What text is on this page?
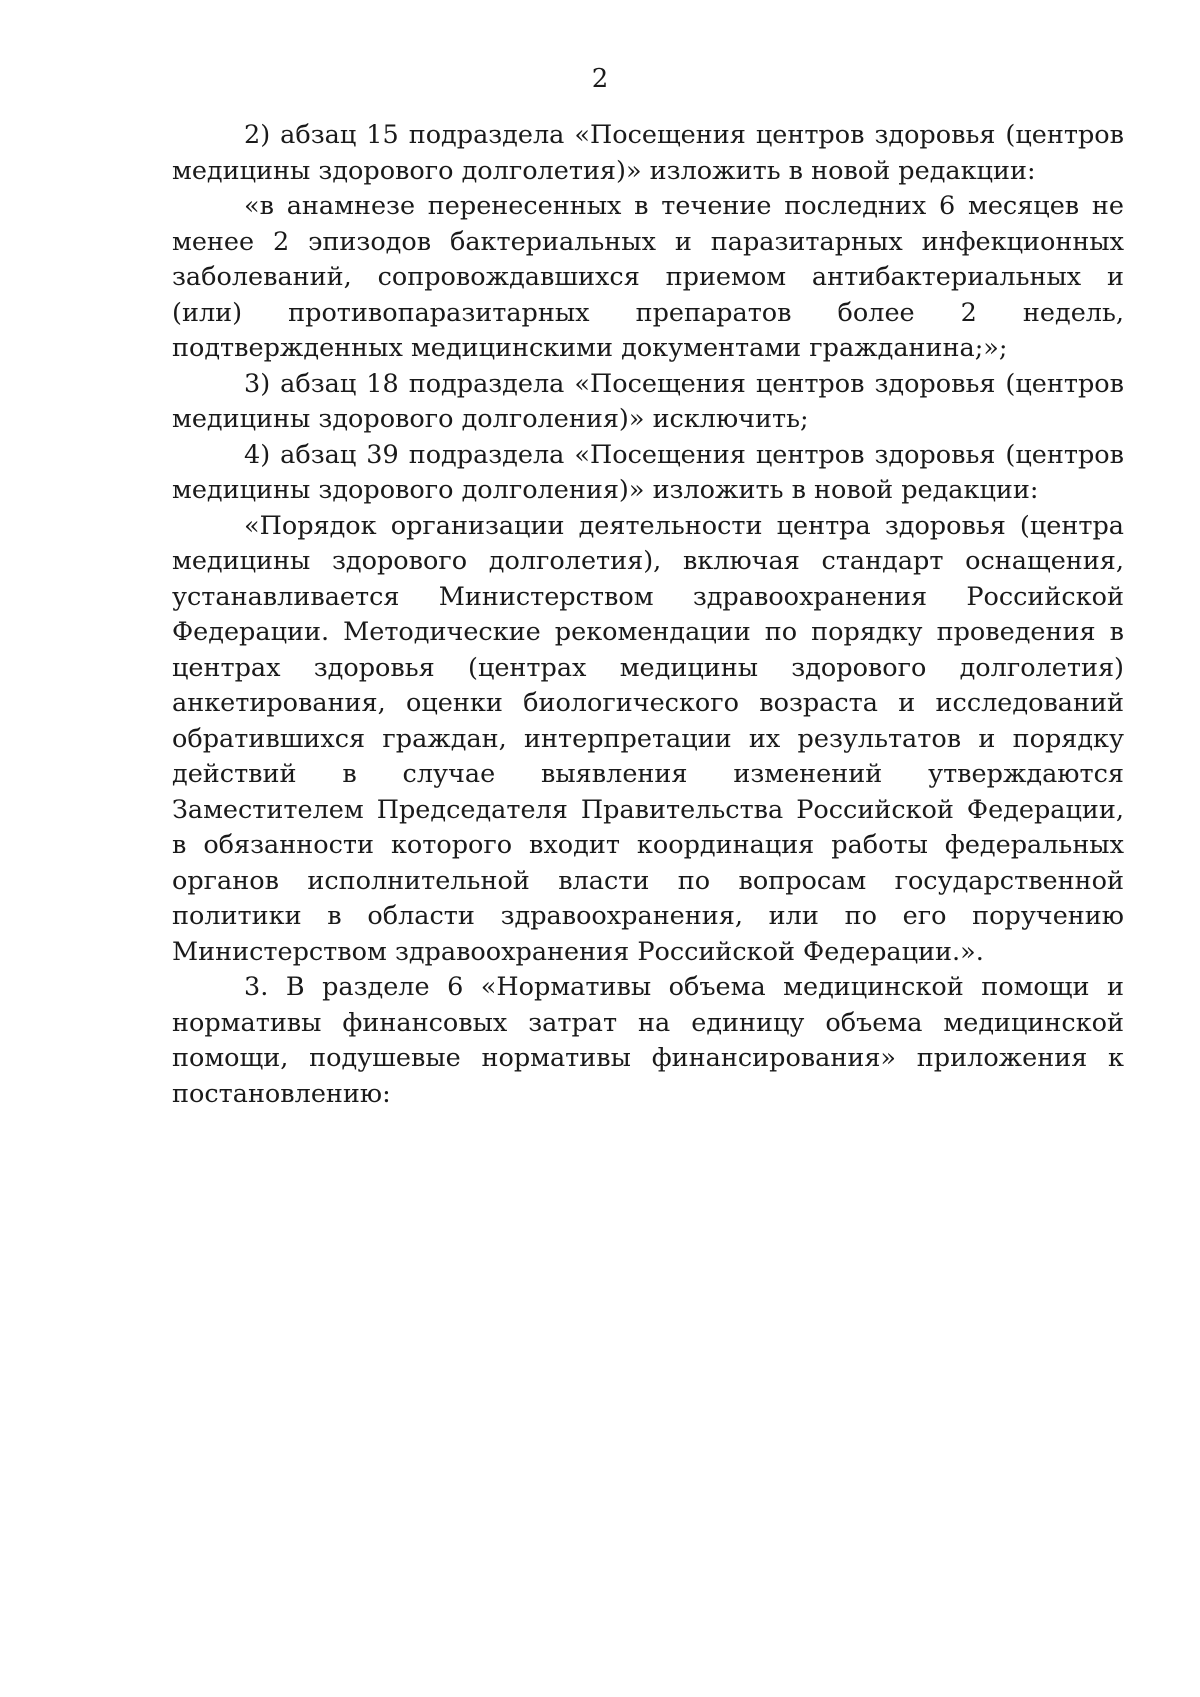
2

2) абзац 15 подраздела «Посещения центров здоровья (центров медицины здорового долголетия)» изложить в новой редакции:

«в анамнезе перенесенных в течение последних 6 месяцев не менее 2 эпизодов бактериальных и паразитарных инфекционных заболеваний, сопровождавшихся приемом антибактериальных и (или) противопаразитарных препаратов более 2 недель, подтвержденных медицинскими документами гражданина;»;

3) абзац 18 подраздела «Посещения центров здоровья (центров медицины здорового долголения)» исключить;

4) абзац 39 подраздела «Посещения центров здоровья (центров медицины здорового долголения)» изложить в новой редакции:

«Порядок организации деятельности центра здоровья (центра медицины здорового долголетия), включая стандарт оснащения, устанавливается Министерством здравоохранения Российской Федерации. Методические рекомендации по порядку проведения в центрах здоровья (центрах медицины здорового долголетия) анкетирования, оценки биологического возраста и исследований обратившихся граждан, интерпретации их результатов и порядку действий в случае выявления изменений утверждаются Заместителем Председателя Правительства Российской Федерации, в обязанности которого входит координация работы федеральных органов исполнительной власти по вопросам государственной политики в области здравоохранения, или по его поручению Министерством здравоохранения Российской Федерации.».

3. В разделе 6 «Нормативы объема медицинской помощи и нормативы финансовых затрат на единицу объема медицинской помощи, подушевые нормативы финансирования» приложения к постановлению:
